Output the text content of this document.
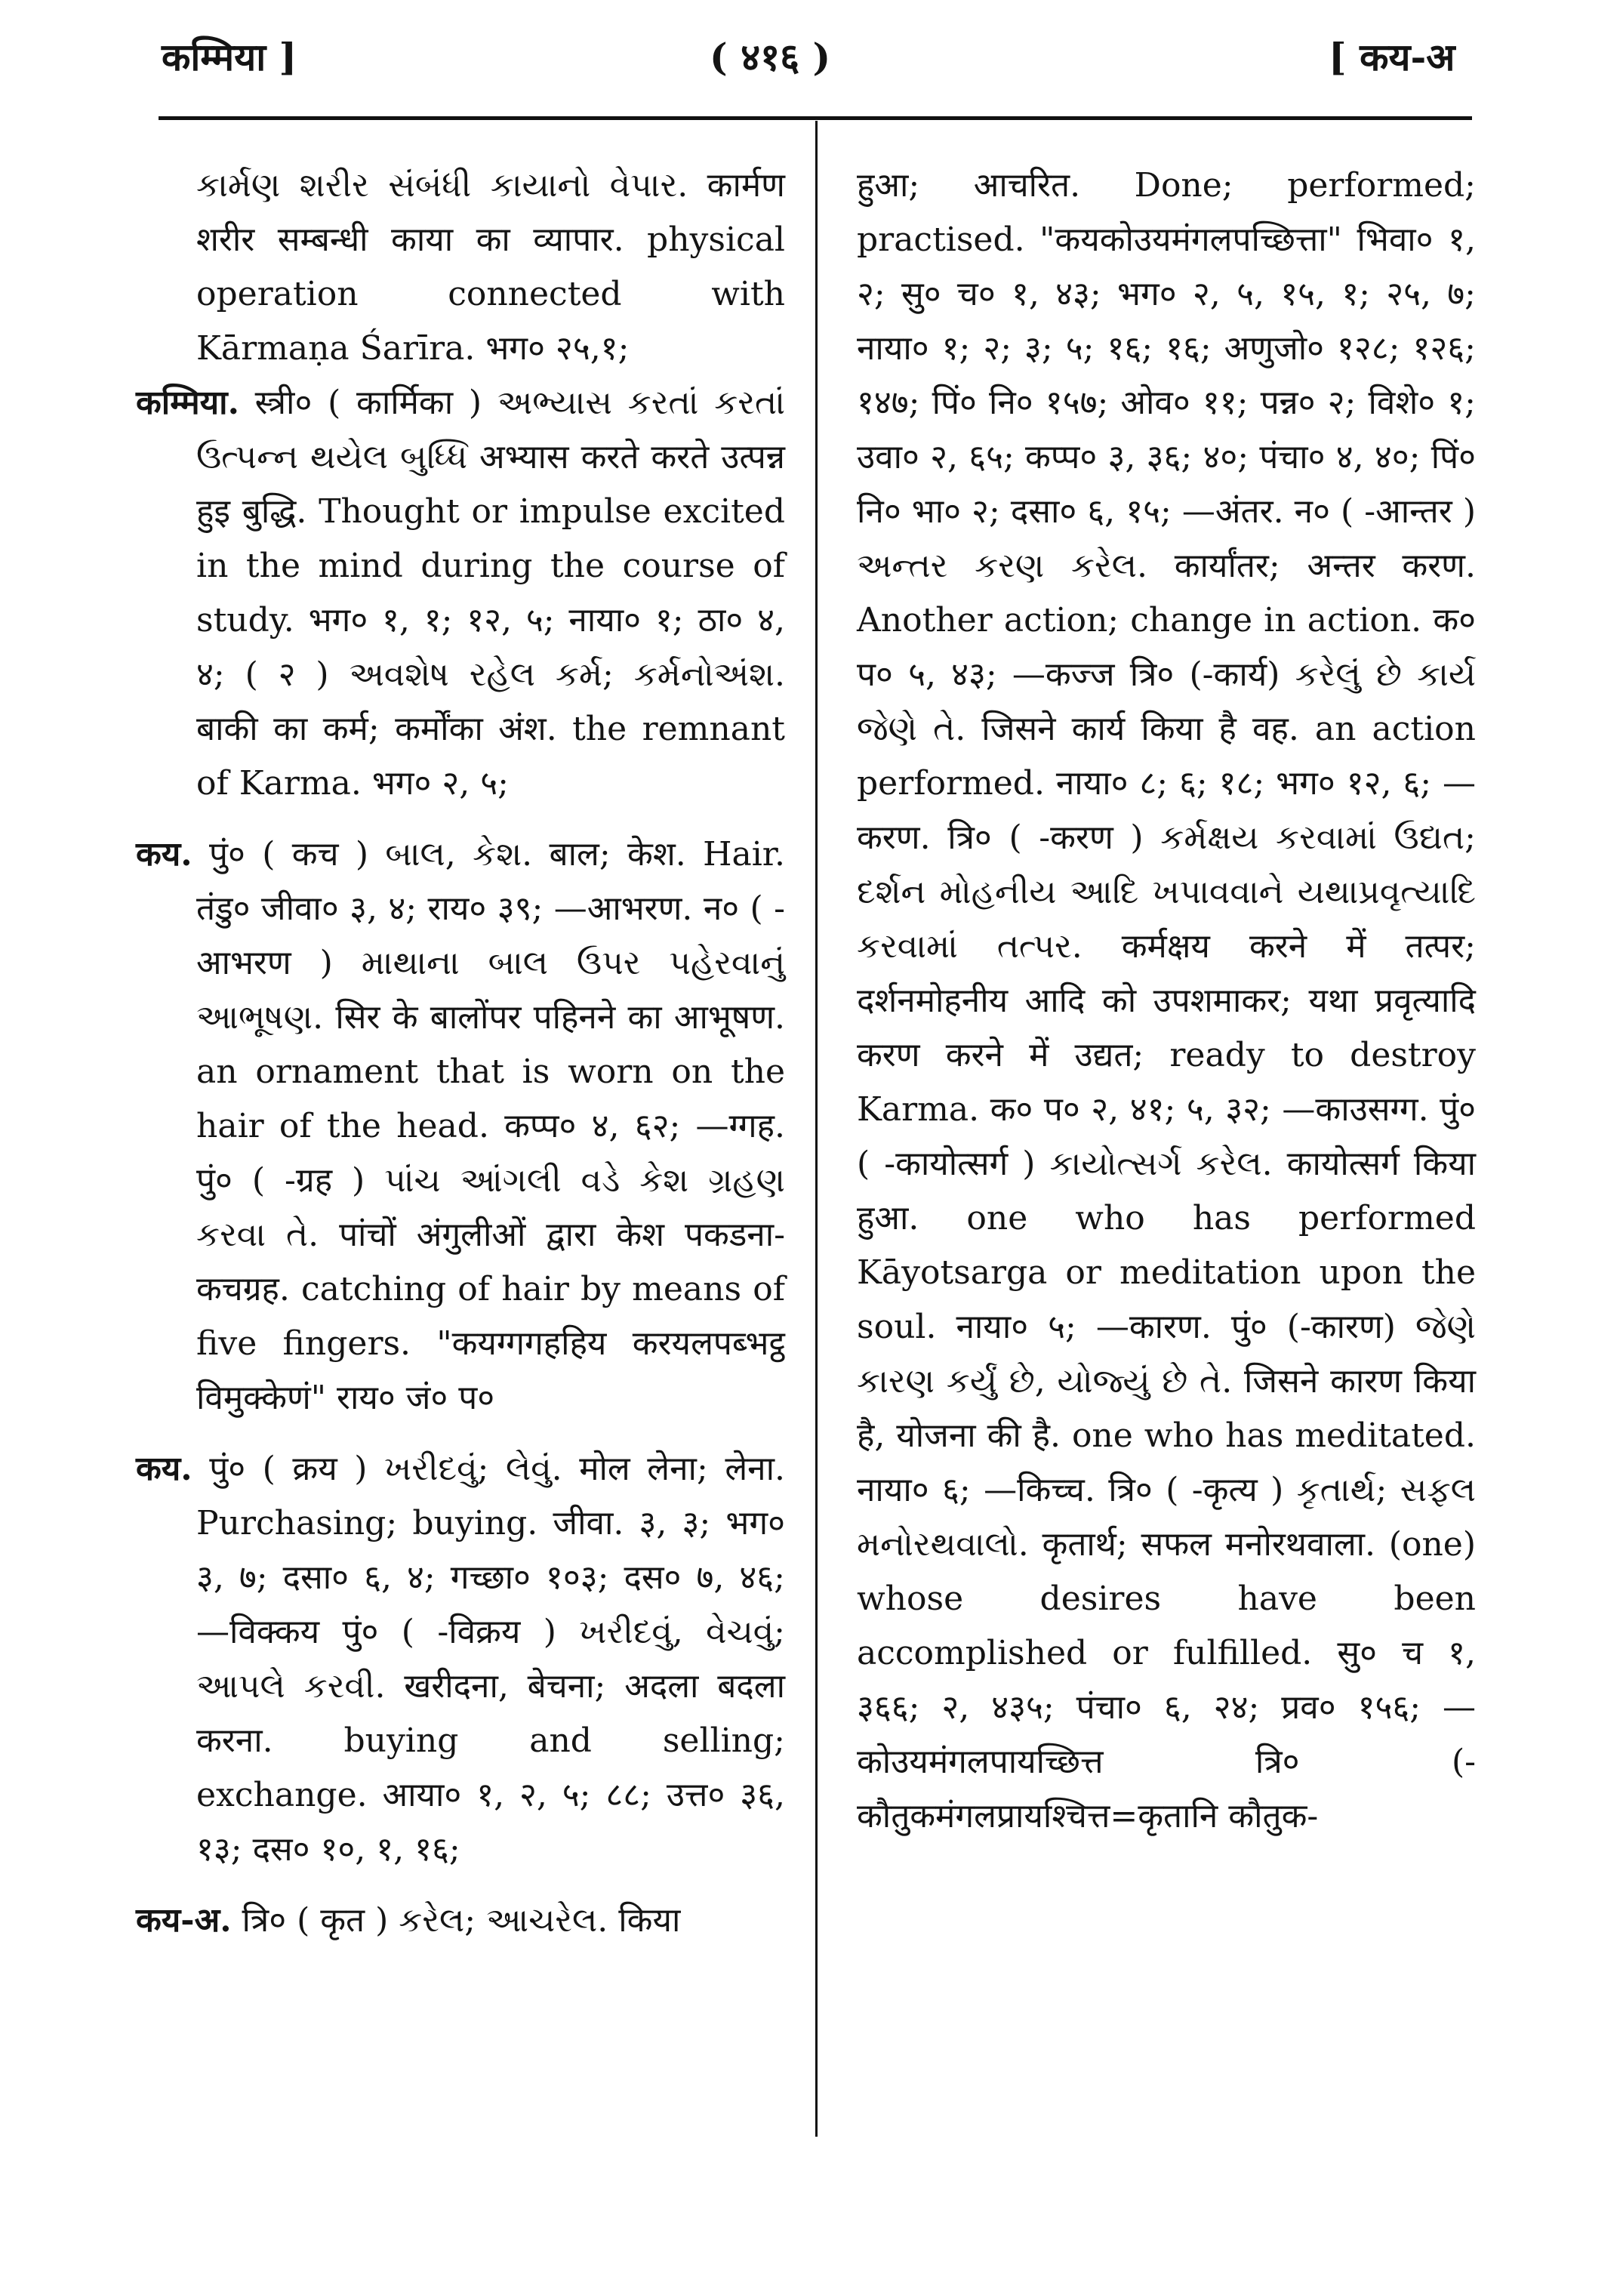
कम्मिया ]	( ४१६ )	[ कय-अ

કાર્મણ શરીર સંબંધી કાયાનો વેપાર. कार्मण शरीर सम्बन्धी काया का व्यापार. physical operation connected with Kārmaṇa Śarīra. भग० २५,१;

कम्मिया. स्त्री० ( कार्मिका ) અભ્યાસ કરતાં કરતાં ઉત્પન્ન થયેલ બુધ્ધિ अभ्यास करते करते उत्पन्न हुइ बुद्धि. Thought or impulse excited in the mind during the course of study. भग० १, १; १२, ५; नाया० १; ठा० ४, ४; ( २ ) અવશેષ રહેલ કર્મ; કર્મનોઅંશ. बाकी का कर्म; कर्मोंका अंश. the remnant of Karma. भग० २, ५;

कय. पुं० ( कच ) બાલ, કેશ. बाल; केश. Hair. तंडु० जीवा० ३, ४; राय० ३९; —आभरण. न० ( -आभरण ) માથાના બાલ ઉપર પહેરવાનું આભૂષણ. सिर के बालोंपर पहिनने का आभूषण. an ornament that is worn on the hair of the head. कप्प० ४, ६२; —ग्गह. पुं० ( -ग्रह ) પાંચ આંગલી વડે કેશ ગ્રહણ કરવા તે. पांचों अंगुलीओं द्वारा केश पकडना-कचग्रह. catching of hair by means of five fingers. "कयग्गगहहिय करयलपब्भट्ठ विमुक्केणं" राय० जं० प०

कय. पुं० ( क्रय ) ખરીદવું; લેવું. मोल लेना; लेना. Purchasing; buying. जीवा. ३, ३; भग० ३, ७; दसा० ६, ४; गच्छा० १०३; दस० ७, ४६; —विक्कय पुं० ( -विक्रय ) ખરીદવું, વેચવું; આપલે કરવી. खरीदना, बेचना; अदला बदला करना. buying and selling; exchange. आया० १, २, ५; ८८; उत्त० ३६, १३; दस० १०, १, १६;

कय-अ. त्रि० ( कृत ) કરેલ; આચરેલ. किया

हुआ; आचरित. Done; performed; practised. "कयकोउयमंगलपच्छित्ता" भिवा० १, २; सु० च० १, ४३; भग० २, ५, १५, १; २५, ७; नाया० १; २; ३; ५; १६; १६; अणुजो० १२८; १२६; १४७; पिं० नि० १५७; ओव० ११; पन्न० २; विशे० १; उवा० २, ६५; कप्प० ३, ३६; ४०; पंचा० ४, ४०; पिं० नि० भा० २; दसा० ६, १५; —अंतर. न० ( -आन्तर ) અન્તર કરણ કરેલ. कार्यांतर; अन्तर करण. Another action; change in action. क० प० ५, ४३; —कज्ज त्रि० (-कार्य) કરેલું છે કાર્ય જેણે તે. जिसने कार्य किया है वह. an action performed. नाया० ८; ६; १८; भग० १२, ६; —करण. त्रि० ( -करण ) કર્મક્ષય કરવામાં ઉદ્યત; દર્શન મોહનીય આદિ ખપાવવાને યથાપ્રવૃત્યાદિ કરવામાં તત્પર. कर्मक्षय करने में तत्पर; दर्शनमोहनीय आदि को उपशमाकर; यथा प्रवृत्यादि करण करने में उद्यत; ready to destroy Karma. क० प० २, ४१; ५, ३२; —काउसग्ग. पुं० ( -कायोत्सर्ग ) કાયોત્સર્ગ કરેલ. कायोत्सर्ग किया हुआ. one who has performed Kāyotsarga or meditation upon the soul. नाया० ५; —कारण. पुं० (-कारण) જેણે કારણ કર્યું છે, યોજ્યું છે તે. जिसने कारण किया है, योजना की है. one who has meditated. नाया० ६; —किच्च. त्रि० ( -कृत्य ) કૃતાર્થ; સફલ મનોરથવાલો. कृतार्थ; सफल मनोरथवाला. (one) whose desires have been accomplished or fulfilled. सु० च १, ३६६; २, ४३५; पंचा० ६, २४; प्रव० १५६; —कोउयमंगलपायच्छित्त त्रि० (-कौतुकमंगलप्रायश्चित्त=कृतानि कौतुक-
